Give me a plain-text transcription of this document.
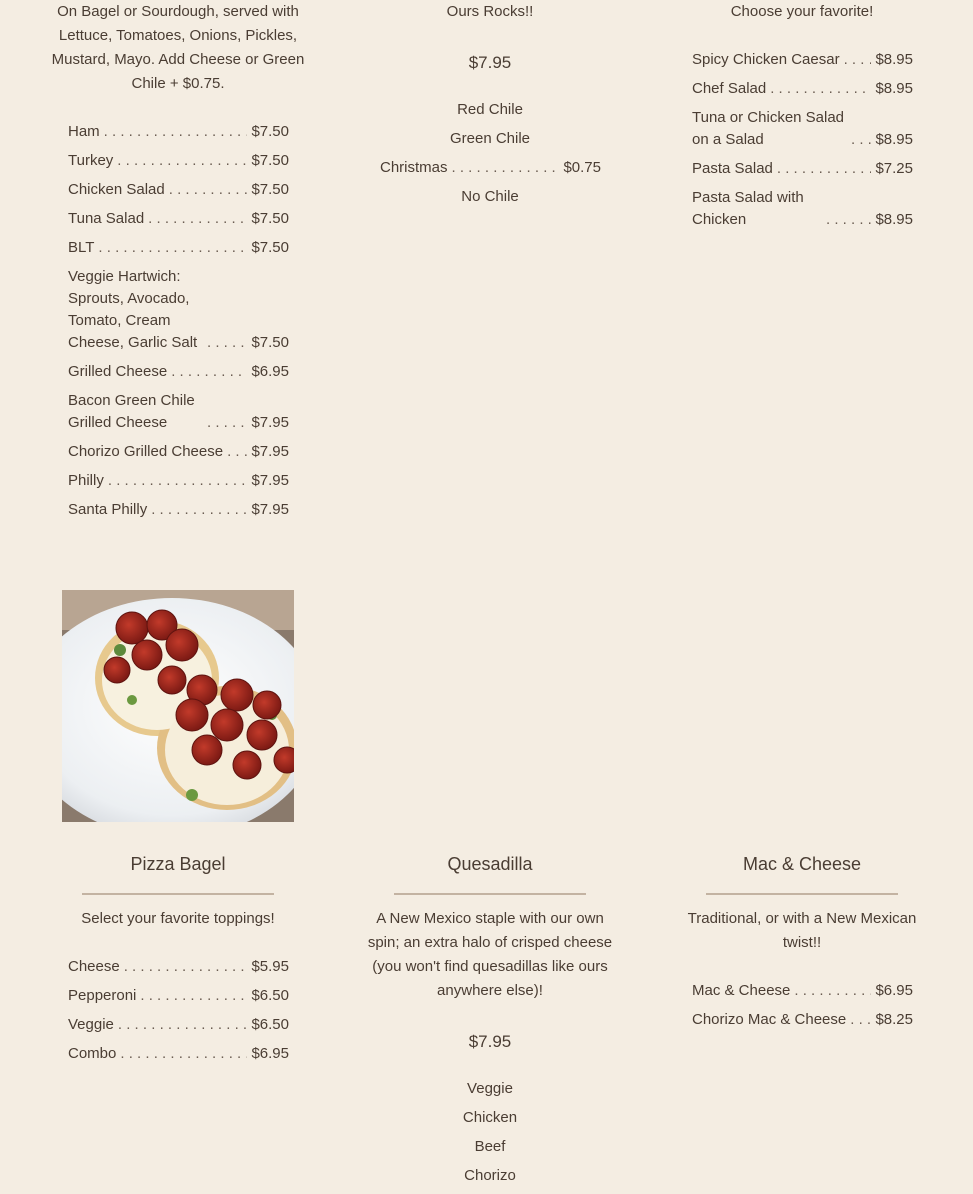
On Bagel or Sourdough, served with Lettuce, Tomatoes, Onions, Pickles, Mustard, Mayo. Add Cheese or Green Chile + $0.75.
Ham . . .	$7.50
Turkey . . .	$7.50
Chicken Salad . . .	$7.50
Tuna Salad . . .	$7.50
BLT . . .	$7.50
Veggie Hartwich: Sprouts, Avocado, Tomato, Cream Cheese, Garlic Salt . . .	$7.50
Grilled Cheese . . .	$6.95
Bacon Green Chile Grilled Cheese . . .	$7.95
Chorizo Grilled Cheese . . . $7.95
Philly . . .	$7.95
Santa Philly . . .	$7.95
Ours Rocks!!
$7.95
Red Chile
Green Chile
Christmas . . .	$0.75
No Chile
Choose your favorite!
Spicy Chicken Caesar . . . $8.95
Chef Salad . . .	$8.95
Tuna or Chicken Salad on a Salad . . .	$8.95
Pasta Salad . . .	$7.25
Pasta Salad with Chicken . . .	$8.95
Pizza Bagel
Select your favorite toppings!
Cheese . . .	$5.95
Pepperoni . . .	$6.50
Veggie . . .	$6.50
Combo . . .	$6.95
Quesadilla
A New Mexico staple with our own spin; an extra halo of crisped cheese (you won't find quesadillas like ours anywhere else)!
$7.95
Veggie
Chicken
Beef
Chorizo
Mac & Cheese
Traditional, or with a New Mexican twist!!
Mac & Cheese . . .	$6.95
Chorizo Mac & Cheese . . . $8.25
